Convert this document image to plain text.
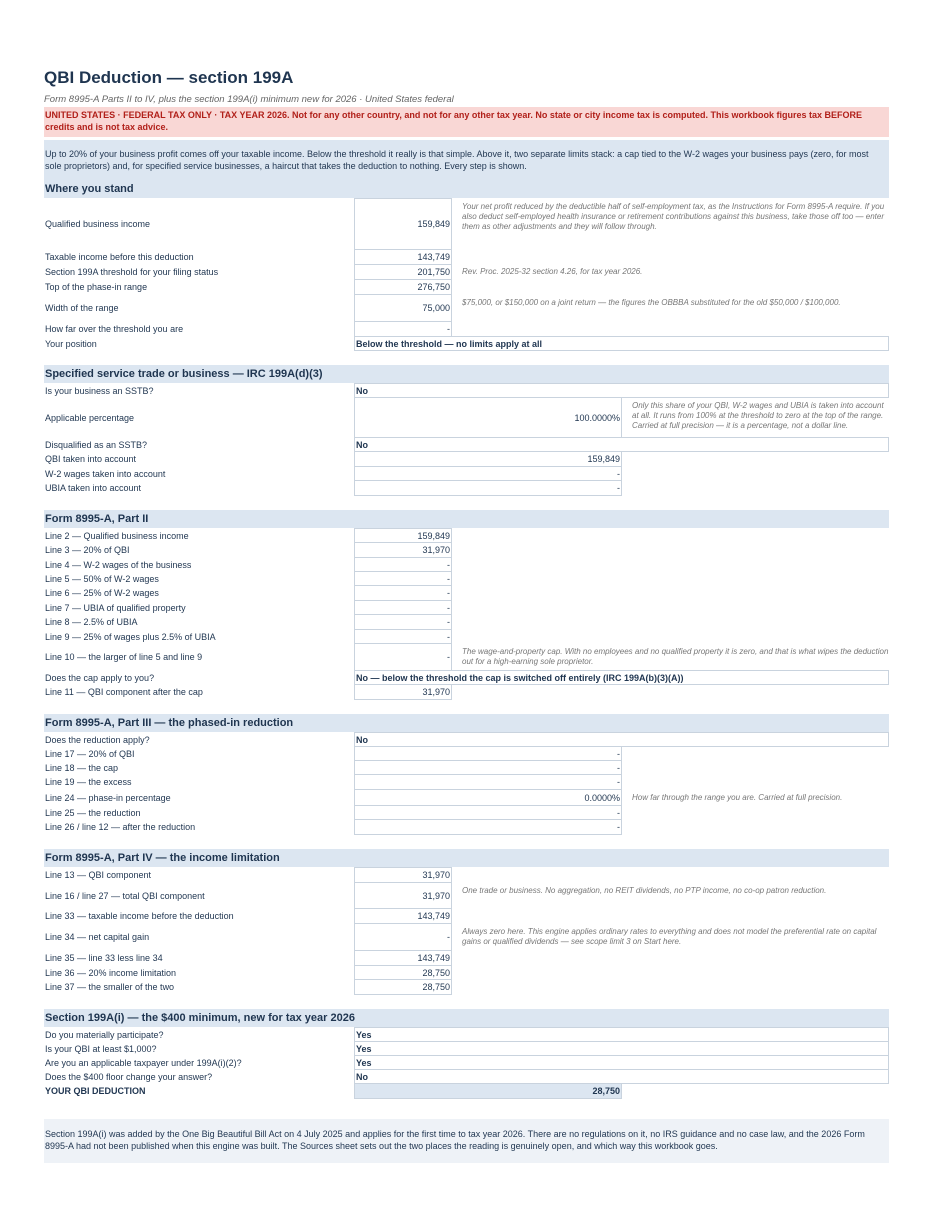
QBI Deduction — section 199A
Form 8995-A Parts II to IV, plus the section 199A(i) minimum new for 2026 · United States federal
UNITED STATES · FEDERAL TAX ONLY · TAX YEAR 2026. Not for any other country, and not for any other tax year. No state or city income tax is computed. This workbook figures tax BEFORE credits and is not tax advice.
Up to 20% of your business profit comes off your taxable income. Below the threshold it really is that simple. Above it, two separate limits stack: a cap tied to the W-2 wages your business pays (zero, for most sole proprietors) and, for specified service businesses, a haircut that takes the deduction to nothing. Every step is shown.
Where you stand
Qualified business income	159,849	Your net profit reduced by the deductible half of self-employment tax, as the Instructions for Form 8995-A require. If you also deduct self-employed health insurance or retirement contributions against this business, take those off too — enter them as other adjustments and they will follow through.
Taxable income before this deduction	143,749	
Section 199A threshold for your filing status	201,750	Rev. Proc. 2025-32 section 4.26, for tax year 2026.
Top of the phase-in range	276,750	
Width of the range	75,000	$75,000, or $150,000 on a joint return — the figures the OBBBA substituted for the old $50,000 / $100,000.
How far over the threshold you are	-	
Your position	Below the threshold — no limits apply at all	
Specified service trade or business — IRC 199A(d)(3)
Is your business an SSTB?	No	
Applicable percentage	100.0000%	Only this share of your QBI, W-2 wages and UBIA is taken into account at all. It runs from 100% at the threshold to zero at the top of the range. Carried at full precision — it is a percentage, not a dollar line.
Disqualified as an SSTB?	No	
QBI taken into account	159,849	
W-2 wages taken into account	-	
UBIA taken into account	-	
Form 8995-A, Part II
Line 2 — Qualified business income	159,849	
Line 3 — 20% of QBI	31,970	
Line 4 — W-2 wages of the business	-	
Line 5 — 50% of W-2 wages	-	
Line 6 — 25% of W-2 wages	-	
Line 7 — UBIA of qualified property	-	
Line 8 — 2.5% of UBIA	-	
Line 9 — 25% of wages plus 2.5% of UBIA	-	
Line 10 — the larger of line 5 and line 9	-	The wage-and-property cap. With no employees and no qualified property it is zero, and that is what wipes the deduction out for a high-earning sole proprietor.
Does the cap apply to you?	No — below the threshold the cap is switched off entirely (IRC 199A(b)(3)(A))	
Line 11 — QBI component after the cap	31,970	
Form 8995-A, Part III — the phased-in reduction
Does the reduction apply?	No	
Line 17 — 20% of QBI	-	
Line 18 — the cap	-	
Line 19 — the excess	-	
Line 24 — phase-in percentage	0.0000%	How far through the range you are. Carried at full precision.
Line 25 — the reduction	-	
Line 26 / line 12 — after the reduction	-	
Form 8995-A, Part IV — the income limitation
Line 13 — QBI component	31,970	
Line 16 / line 27 — total QBI component	31,970	One trade or business. No aggregation, no REIT dividends, no PTP income, no co-op patron reduction.
Line 33 — taxable income before the deduction	143,749	
Line 34 — net capital gain	-	Always zero here. This engine applies ordinary rates to everything and does not model the preferential rate on capital gains or qualified dividends — see scope limit 3 on Start here.
Line 35 — line 33 less line 34	143,749	
Line 36 — 20% income limitation	28,750	
Line 37 — the smaller of the two	28,750	
Section 199A(i) — the $400 minimum, new for tax year 2026
Do you materially participate?	Yes	
Is your QBI at least $1,000?	Yes	
Are you an applicable taxpayer under 199A(i)(2)?	Yes	
Does the $400 floor change your answer?	No	
YOUR QBI DEDUCTION	28,750	
Section 199A(i) was added by the One Big Beautiful Bill Act on 4 July 2025 and applies for the first time to tax year 2026. There are no regulations on it, no IRS guidance and no case law, and the 2026 Form 8995-A had not been published when this engine was built. The Sources sheet sets out the two places the reading is genuinely open, and which way this workbook goes.
